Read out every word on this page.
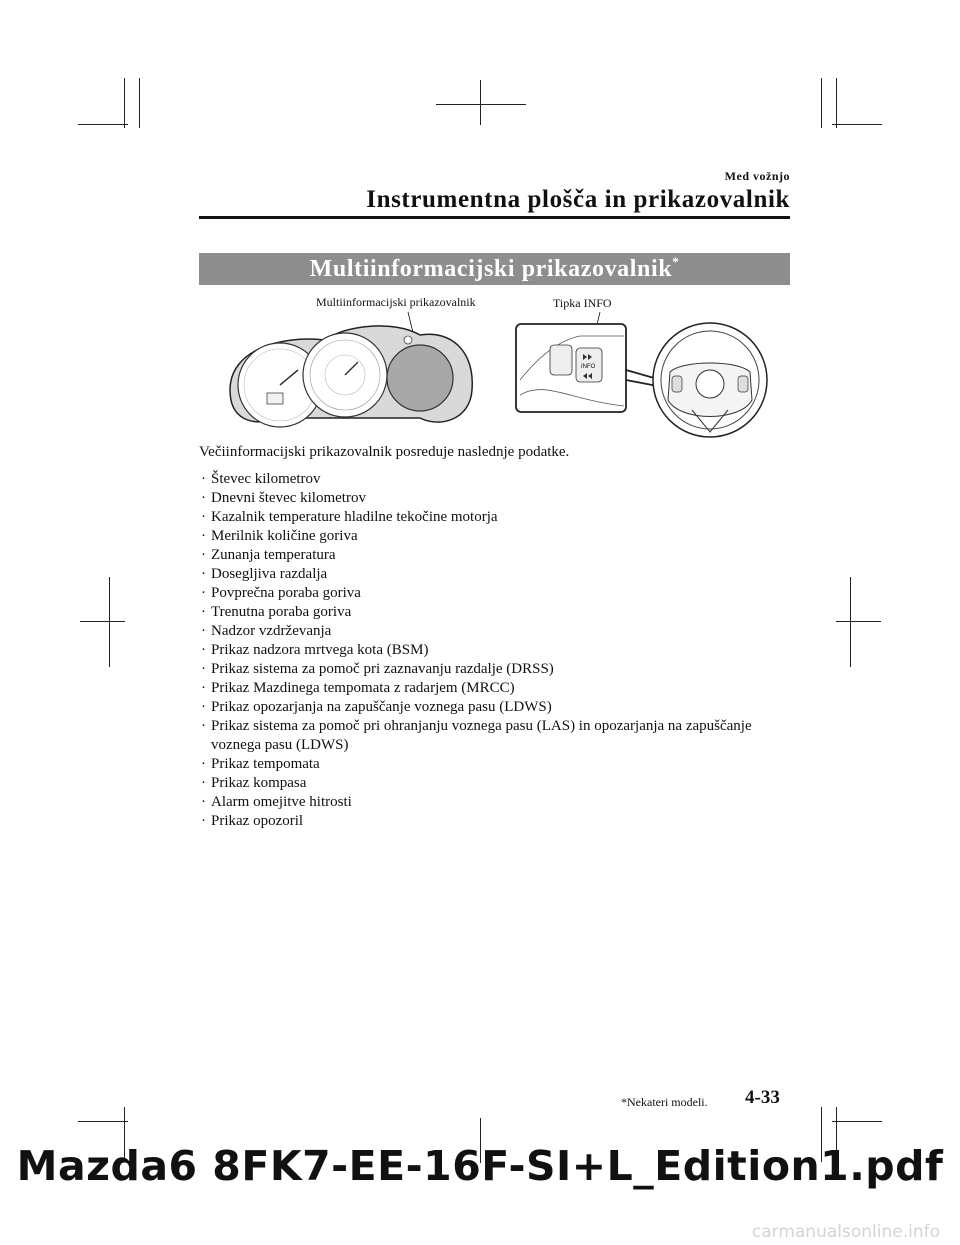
Med vožnjo
Instrumentna plošča in prikazovalnik
Multiinformacijski prikazovalnik*
Multiinformacijski prikazovalnik	Tipka INFO
INFO
Večiinformacijski prikazovalnik posreduje naslednje podatke.
· Števec kilometrov
· Dnevni števec kilometrov
· Kazalnik temperature hladilne tekočine motorja
· Merilnik količine goriva
· Zunanja temperatura
· Dosegljiva razdalja
· Povprečna poraba goriva
· Trenutna poraba goriva
· Nadzor vzdrževanja
· Prikaz nadzora mrtvega kota (BSM)
· Prikaz sistema za pomoč pri zaznavanju razdalje (DRSS)
· Prikaz Mazdinega tempomata z radarjem (MRCC)
· Prikaz opozarjanja na zapuščanje voznega pasu (LDWS)
· Prikaz sistema za pomoč pri ohranjanju voznega pasu (LAS) in opozarjanja na zapuščanje voznega pasu (LDWS)
· Prikaz tempomata
· Prikaz kompasa
· Alarm omejitve hitrosti
· Prikaz opozoril
*Nekateri modeli. 4-33
Mazda6 8FK7-EE-16F-SI+L_Edition1.pdf
carmanualsonline.info
